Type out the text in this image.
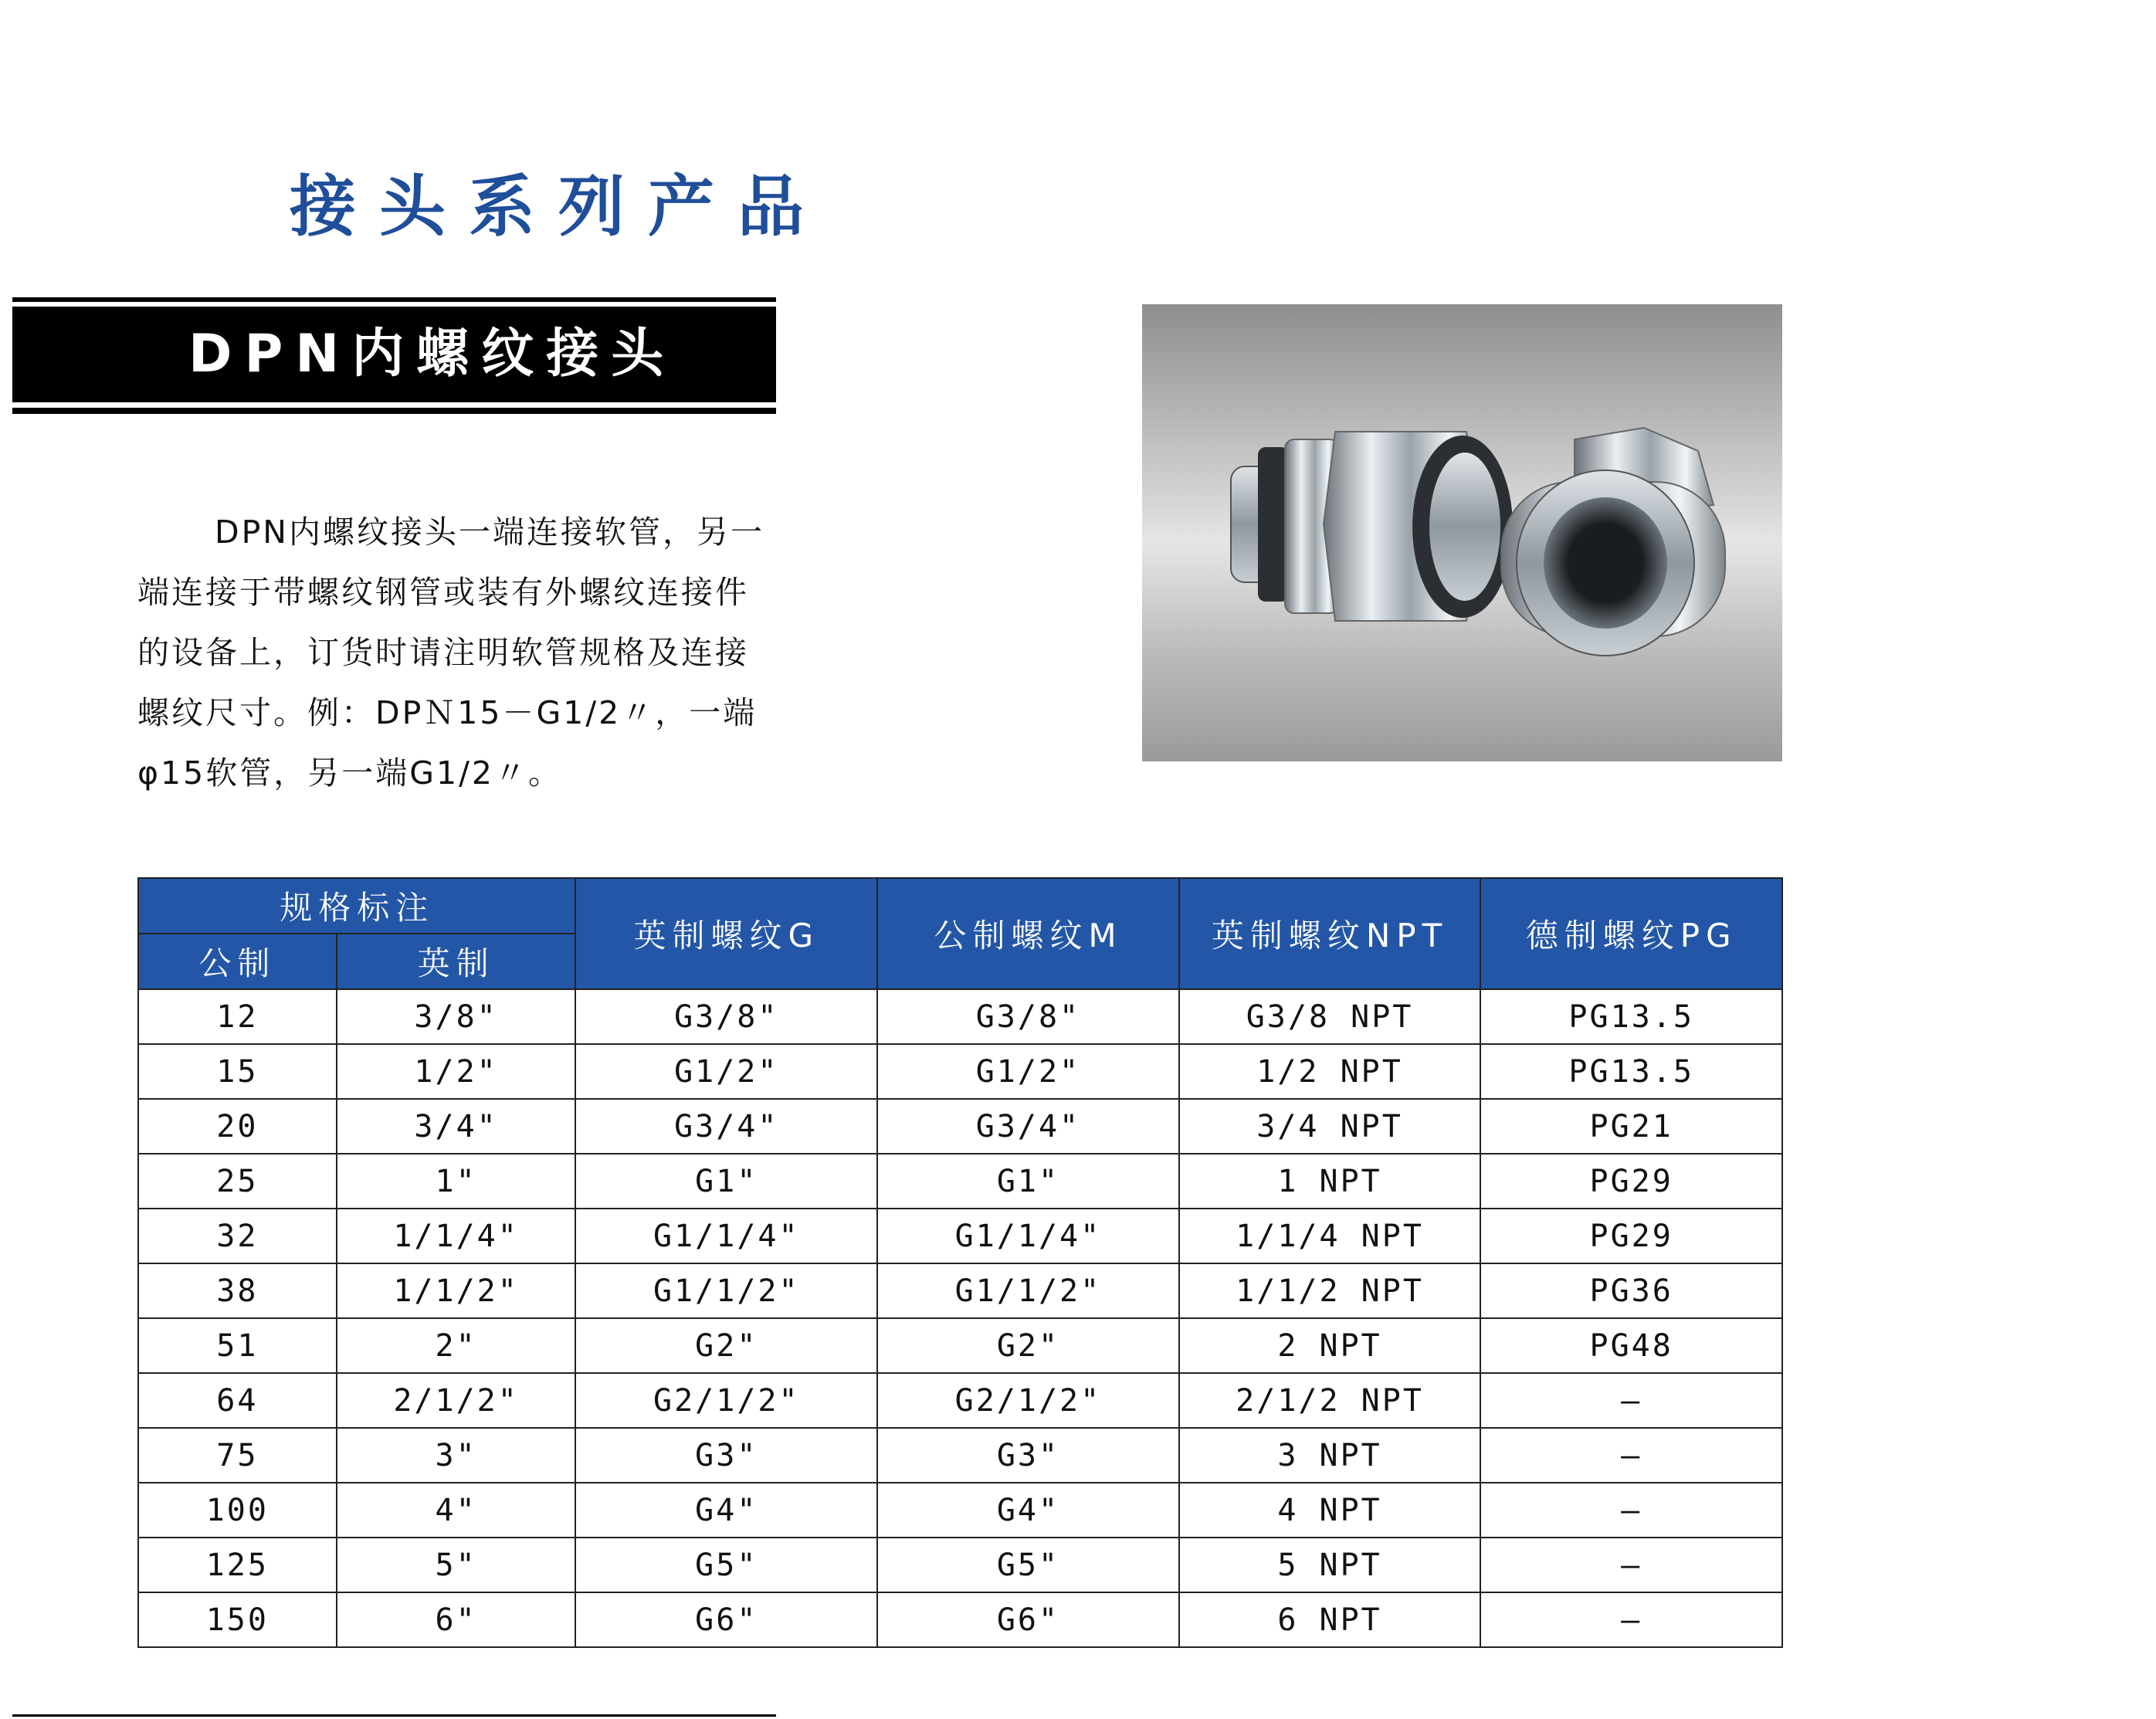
接头系列产品
DPN内螺纹接头

DPN内螺纹接头一端连接软管，另一

端连接于带螺纹钢管或装有外螺纹连接件

的设备上，订货时请注明软管规格及连接

螺纹尺寸。例：DPＮ15－G1/2〃，一端

φ15软管，另一端G1/2〃。

规格标注		英制螺纹G	公制螺纹M	英制螺纹NPT	德制螺纹PG
公制	英制				
12	3/8"	G3/8"	G3/8"	G3/8 NPT	PG13.5
15	1/2"	G1/2"	G1/2"	1/2 NPT	PG13.5
20	3/4"	G3/4"	G3/4"	3/4 NPT	PG21
25	1"	G1"	G1"	1 NPT	PG29
32	1/1/4"	G1/1/4"	G1/1/4"	1/1/4 NPT	PG29
38	1/1/2"	G1/1/2"	G1/1/2"	1/1/2 NPT	PG36
51	2"	G2"	G2"	2 NPT	PG48
64	2/1/2"	G2/1/2"	G2/1/2"	2/1/2 NPT	—
75	3"	G3"	G3"	3 NPT	—
100	4"	G4"	G4"	4 NPT	—
125	5"	G5"	G5"	5 NPT	—
150	6"	G6"	G6"	6 NPT	—
